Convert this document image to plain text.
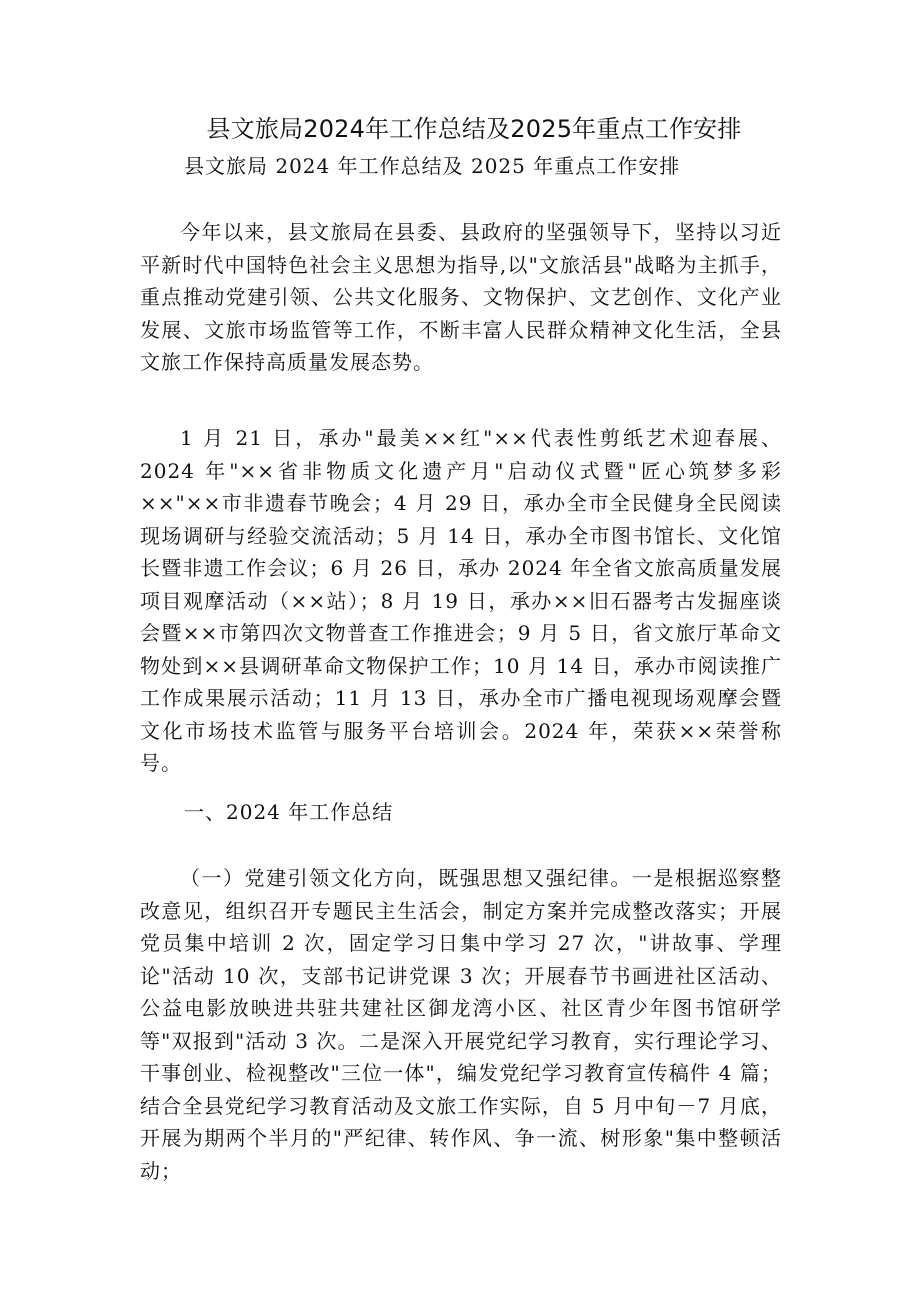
县文旅局2024年工作总结及2025年重点工作安排
县文旅局 2024 年工作总结及 2025 年重点工作安排

今年以来，县文旅局在县委、县政府的坚强领导下，坚持以习近平新时代中国特色社会主义思想为指导,以"文旅活县"战略为主抓手，重点推动党建引领、公共文化服务、文物保护、文艺创作、文化产业发展、文旅市场监管等工作，不断丰富人民群众精神文化生活，全县文旅工作保持高质量发展态势。

1 月 21 日，承办"最美××红"××代表性剪纸艺术迎春展、2024 年"××省非物质文化遗产月"启动仪式暨"匠心筑梦多彩××"××市非遗春节晚会；4 月 29 日，承办全市全民健身全民阅读现场调研与经验交流活动；5 月 14 日，承办全市图书馆长、文化馆长暨非遗工作会议；6 月 26 日，承办 2024 年全省文旅高质量发展项目观摩活动（××站）；8 月 19 日，承办××旧石器考古发掘座谈会暨××市第四次文物普查工作推进会；9 月 5 日，省文旅厅革命文物处到××县调研革命文物保护工作；10 月 14 日，承办市阅读推广工作成果展示活动；11 月 13 日，承办全市广播电视现场观摩会暨文化市场技术监管与服务平台培训会。2024 年，荣获××荣誉称号。

一、2024 年工作总结

（一）党建引领文化方向，既强思想又强纪律。一是根据巡察整改意见，组织召开专题民主生活会，制定方案并完成整改落实；开展党员集中培训 2 次，固定学习日集中学习 27 次，"讲故事、学理论"活动 10 次，支部书记讲党课 3 次；开展春节书画进社区活动、公益电影放映进共驻共建社区御龙湾小区、社区青少年图书馆研学等"双报到"活动 3 次。二是深入开展党纪学习教育，实行理论学习、干事创业、检视整改"三位一体"，编发党纪学习教育宣传稿件 4 篇；结合全县党纪学习教育活动及文旅工作实际，自 5 月中旬－7 月底，开展为期两个半月的"严纪律、转作风、争一流、树形象"集中整顿活动；
